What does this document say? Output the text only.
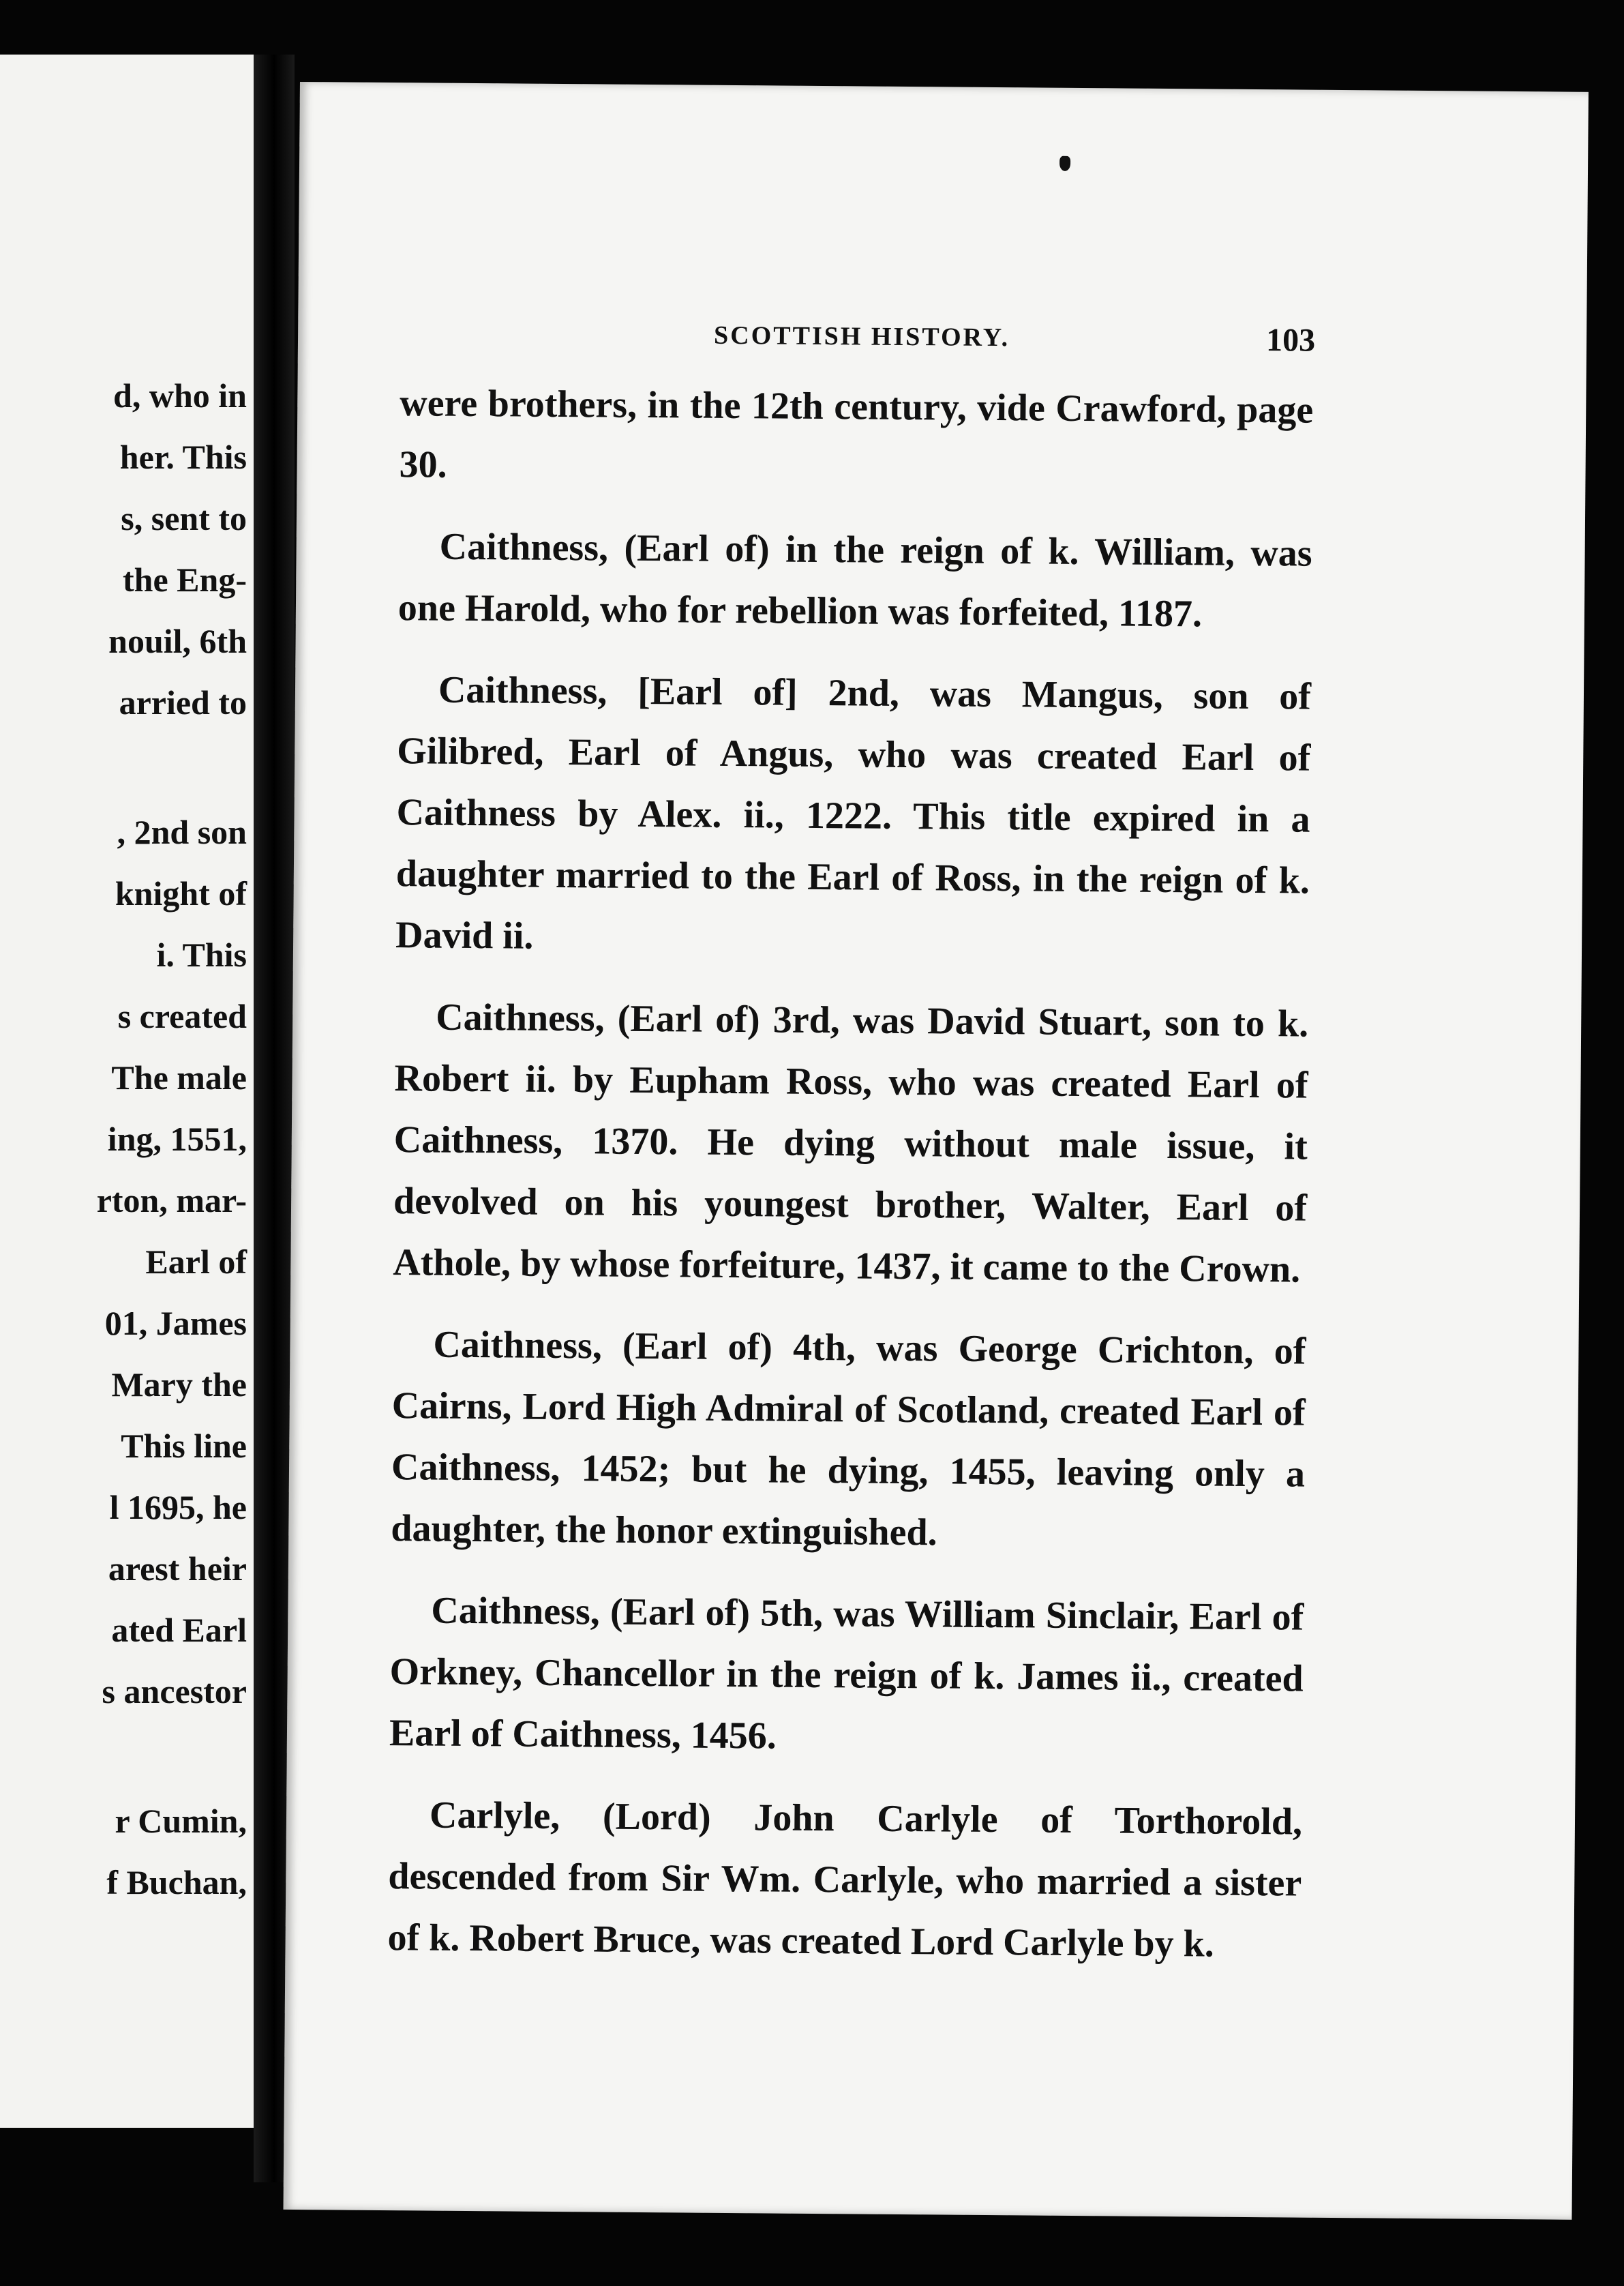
d, who in
her. This
s, sent to
the Eng-
nouil, 6th
arried to
, 2nd son
knight of
i. This
s created
The male
ing, 1551,
rton, mar-
Earl of
01, James
Mary the
This line
l 1695, he
arest heir
ated Earl
s ancestor
r Cumin,
f Buchan,
SCOTTISH HISTORY.	103

were brothers, in the 12th century, vide Crawford, page 30.

Caithness, (Earl of) in the reign of k. William, was one Harold, who for rebellion was forfeited, 1187.

Caithness, [Earl of] 2nd, was Mangus, son of Gilibred, Earl of Angus, who was created Earl of Caithness by Alex. ii., 1222. This title expired in a daughter married to the Earl of Ross, in the reign of k. David ii.

Caithness, (Earl of) 3rd, was David Stuart, son to k. Robert ii. by Eupham Ross, who was created Earl of Caithness, 1370. He dying without male issue, it devolved on his youngest brother, Walter, Earl of Athole, by whose forfeiture, 1437, it came to the Crown.

Caithness, (Earl of) 4th, was George Crichton, of Cairns, Lord High Admiral of Scotland, created Earl of Caithness, 1452; but he dying, 1455, leaving only a daughter, the honor extinguished.

Caithness, (Earl of) 5th, was William Sinclair, Earl of Orkney, Chancellor in the reign of k. James ii., created Earl of Caithness, 1456.

Carlyle, (Lord) John Carlyle of Torthorold, descended from Sir Wm. Carlyle, who married a sister of k. Robert Bruce, was created Lord Carlyle by k.
